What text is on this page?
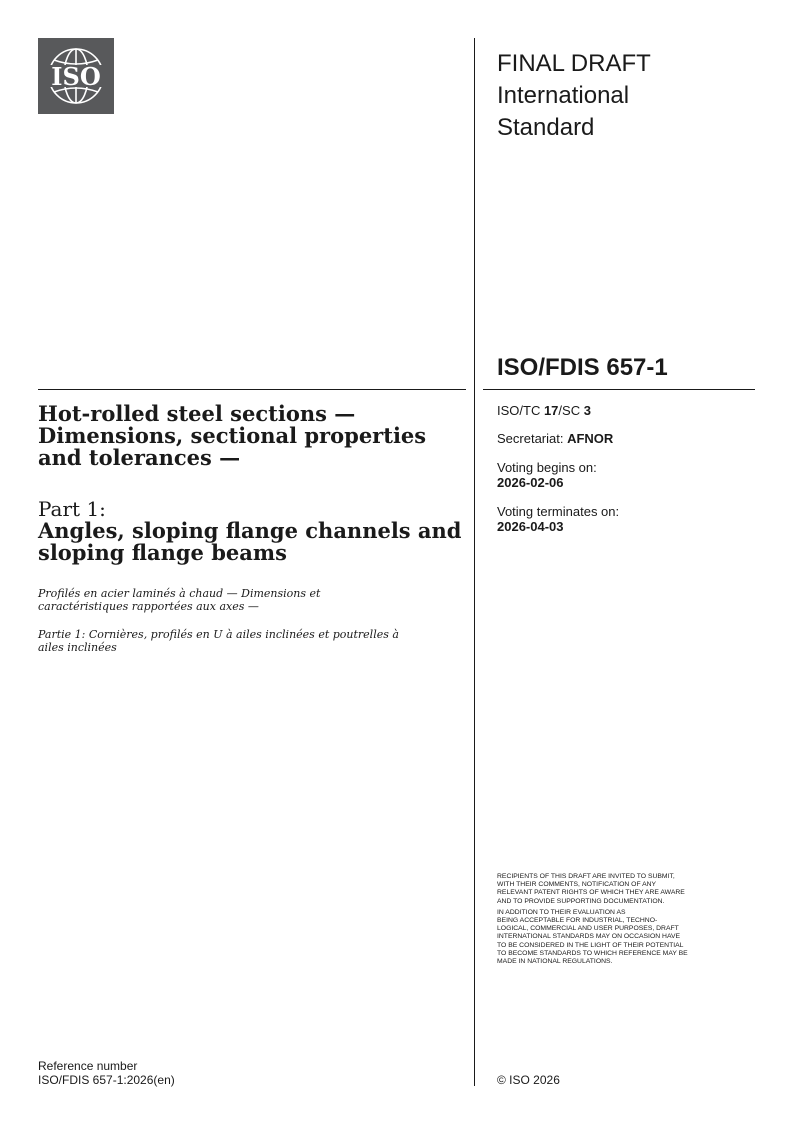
ISO	FINAL DRAFT
International
Standard
ISO/FDIS 657-1
ISO/TC 17/SC 3
Secretariat: AFNOR
Voting begins on:
2026-02-06
Voting terminates on:
2026-04-03

RECIPIENTS OF THIS DRAFT ARE INVITED TO SUBMIT,
WITH THEIR COMMENTS, NOTIFICATION OF ANY
RELEVANT PATENT RIGHTS OF WHICH THEY ARE AWARE
AND TO PROVIDE SUPPORTING DOCUMENTATION.

IN ADDITION TO THEIR EVALUATION AS
BEING ACCEPTABLE FOR INDUSTRIAL, TECHNO-
LOGICAL, COMMERCIAL AND USER PURPOSES, DRAFT
INTERNATIONAL STANDARDS MAY ON OCCASION HAVE
TO BE CONSIDERED IN THE LIGHT OF THEIR POTENTIAL
TO BECOME STANDARDS TO WHICH REFERENCE MAY BE
MADE IN NATIONAL REGULATIONS.

© ISO 2026
Hot-rolled steel sections —
Dimensions, sectional properties
and tolerances —
Part 1:
Angles, sloping flange channels and
sloping flange beams
Profilés en acier laminés à chaud — Dimensions et
caractéristiques rapportées aux axes —
Partie 1: Cornières, profilés en U à ailes inclinées et poutrelles à
ailes inclinées
Reference number
ISO/FDIS 657-1:2026(en)
